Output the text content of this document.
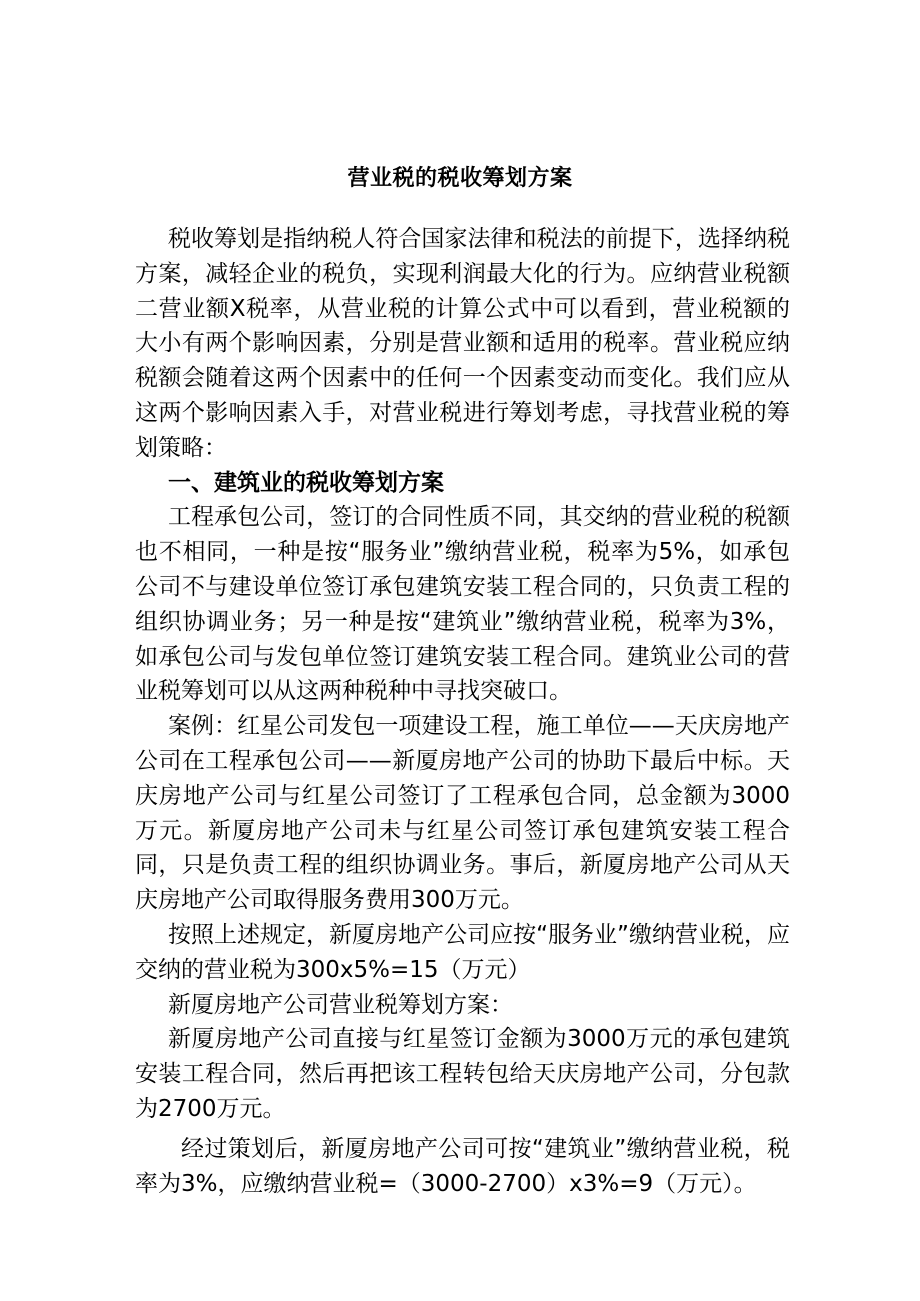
营业税的税收筹划方案

税收筹划是指纳税人符合国家法律和税法的前提下，选择纳税方案，减轻企业的税负，实现利润最大化的行为。应纳营业税额二营业额X税率，从营业税的计算公式中可以看到，营业税额的大小有两个影响因素，分别是营业额和适用的税率。营业税应纳税额会随着这两个因素中的任何一个因素变动而变化。我们应从这两个影响因素入手，对营业税进行筹划考虑，寻找营业税的筹划策略：

一、建筑业的税收筹划方案

工程承包公司，签订的合同性质不同，其交纳的营业税的税额也不相同，一种是按“服务业”缴纳营业税，税率为5%，如承包公司不与建设单位签订承包建筑安装工程合同的，只负责工程的组织协调业务；另一种是按“建筑业”缴纳营业税，税率为3%，如承包公司与发包单位签订建筑安装工程合同。建筑业公司的营业税筹划可以从这两种税种中寻找突破口。

案例：红星公司发包一项建设工程，施工单位——天庆房地产公司在工程承包公司——新厦房地产公司的协助下最后中标。天庆房地产公司与红星公司签订了工程承包合同，总金额为3000万元。新厦房地产公司未与红星公司签订承包建筑安装工程合同，只是负责工程的组织协调业务。事后，新厦房地产公司从天庆房地产公司取得服务费用300万元。

按照上述规定，新厦房地产公司应按“服务业”缴纳营业税，应交纳的营业税为300x5%=15（万元）

新厦房地产公司营业税筹划方案：

新厦房地产公司直接与红星签订金额为3000万元的承包建筑安装工程合同，然后再把该工程转包给天庆房地产公司，分包款为2700万元。

经过策划后，新厦房地产公司可按“建筑业”缴纳营业税，税率为3%，应缴纳营业税=（3000-2700）x3%=9（万元）。
